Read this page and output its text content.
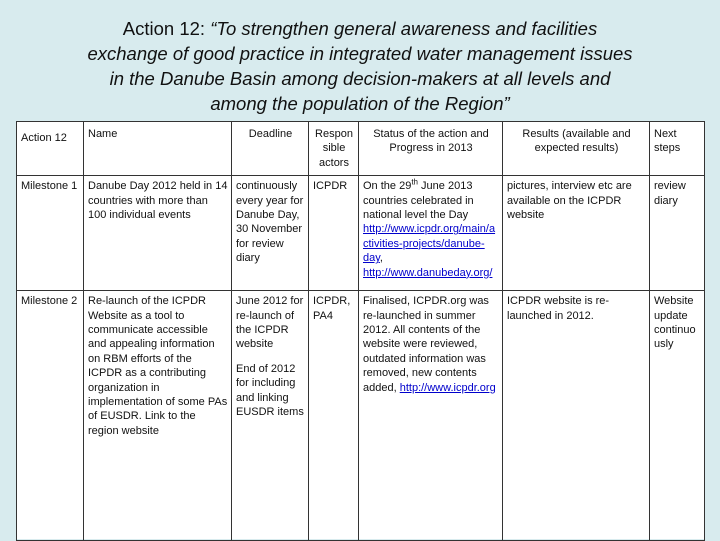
Action 12: “To strengthen general awareness and facilities
exchange of good practice in integrated water management issues
in the Danube Basin among decision-makers at all levels and
among the population of the Region”
Action 12	Name	Deadline	Responsible actors	Status of the action and Progress in 2013	Results (available and expected results)	Next steps
Milestone 1	Danube Day 2012 held in 14 countries with more than 100 individual events	continuously every year for Danube Day, 30 November for review diary	ICPDR	On the 29th June 2013 countries celebrated in national level the Day http://www.icpdr.org/main/activities-projects/danube-day,
http://www.danubeday.org/	pictures, interview etc are available on the ICPDR website	review diary
Milestone 2	Re-launch of the ICPDR Website as a tool to communicate accessible and appealing information on RBM efforts of the ICPDR as a contributing organization in implementation of some PAs of EUSDR. Link to the region website	June 2012 for re-launch of the ICPDR website
End of 2012 for including and linking EUSDR items	ICPDR, PA4	Finalised, ICPDR.org was re-launched in summer 2012. All contents of the website were reviewed, outdated information was removed, new contents added, http://www.icpdr.org	ICPDR website is re-launched in 2012.	Website update continuously
